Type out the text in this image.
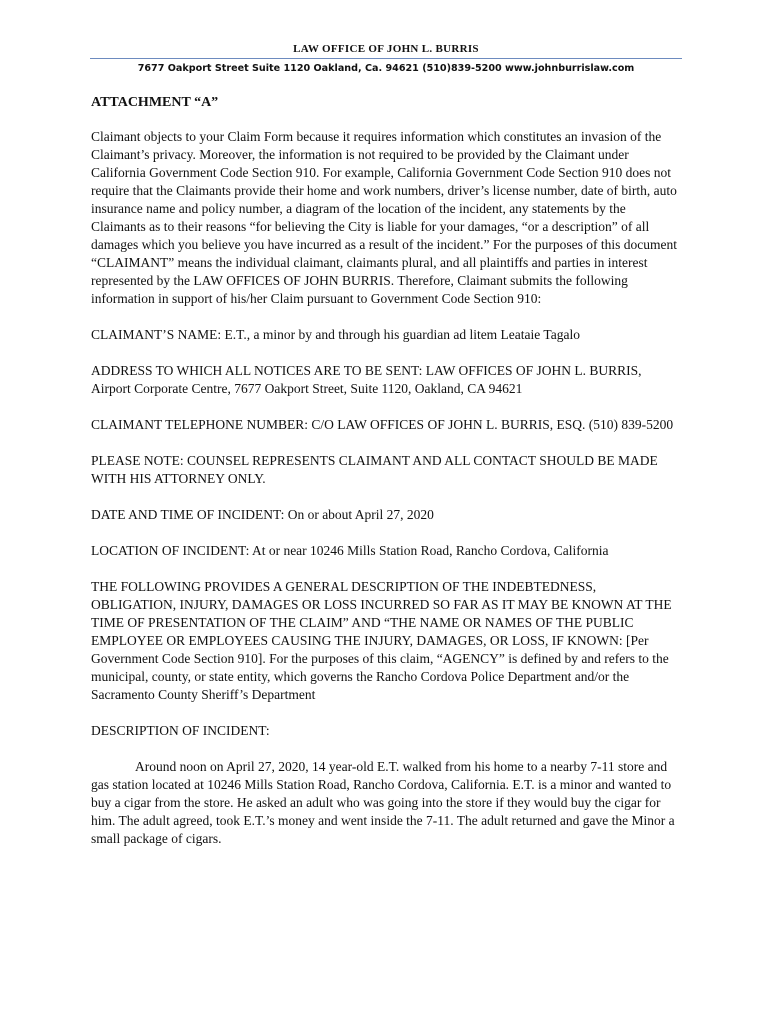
LAW OFFICE OF JOHN L. BURRIS
7677 Oakport Street Suite 1120 Oakland, Ca. 94621 (510)839-5200 www.johnburrislaw.com

ATTACHMENT “A”

Claimant objects to your Claim Form because it requires information which constitutes an invasion of the Claimant’s privacy. Moreover, the information is not required to be provided by the Claimant under California Government Code Section 910. For example, California Government Code Section 910 does not require that the Claimants provide their home and work numbers, driver’s license number, date of birth, auto insurance name and policy number, a diagram of the location of the incident, any statements by the Claimants as to their reasons “for believing the City is liable for your damages, “or a description” of all damages which you believe you have incurred as a result of the incident.” For the purposes of this document “CLAIMANT” means the individual claimant, claimants plural, and all plaintiffs and parties in interest represented by the LAW OFFICES OF JOHN BURRIS. Therefore, Claimant submits the following information in support of his/her Claim pursuant to Government Code Section 910:

CLAIMANT’S NAME: E.T., a minor by and through his guardian ad litem Leataie Tagalo

ADDRESS TO WHICH ALL NOTICES ARE TO BE SENT: LAW OFFICES OF JOHN L. BURRIS, Airport Corporate Centre, 7677 Oakport Street, Suite 1120, Oakland, CA 94621

CLAIMANT TELEPHONE NUMBER: C/O LAW OFFICES OF JOHN L. BURRIS, ESQ. (510) 839-5200

PLEASE NOTE: COUNSEL REPRESENTS CLAIMANT AND ALL CONTACT SHOULD BE MADE WITH HIS ATTORNEY ONLY.

DATE AND TIME OF INCIDENT: On or about April 27, 2020

LOCATION OF INCIDENT: At or near 10246 Mills Station Road, Rancho Cordova, California

THE FOLLOWING PROVIDES A GENERAL DESCRIPTION OF THE INDEBTEDNESS, OBLIGATION, INJURY, DAMAGES OR LOSS INCURRED SO FAR AS IT MAY BE KNOWN AT THE TIME OF PRESENTATION OF THE CLAIM” AND “THE NAME OR NAMES OF THE PUBLIC EMPLOYEE OR EMPLOYEES CAUSING THE INJURY, DAMAGES, OR LOSS, IF KNOWN: [Per Government Code Section 910]. For the purposes of this claim, “AGENCY” is defined by and refers to the municipal, county, or state entity, which governs the Rancho Cordova Police Department and/or the Sacramento County Sheriff’s Department

DESCRIPTION OF INCIDENT:

Around noon on April 27, 2020, 14 year-old E.T. walked from his home to a nearby 7-11 store and gas station located at 10246 Mills Station Road, Rancho Cordova, California. E.T. is a minor and wanted to buy a cigar from the store. He asked an adult who was going into the store if they would buy the cigar for him. The adult agreed, took E.T.’s money and went inside the 7-11. The adult returned and gave the Minor a small package of cigars.
